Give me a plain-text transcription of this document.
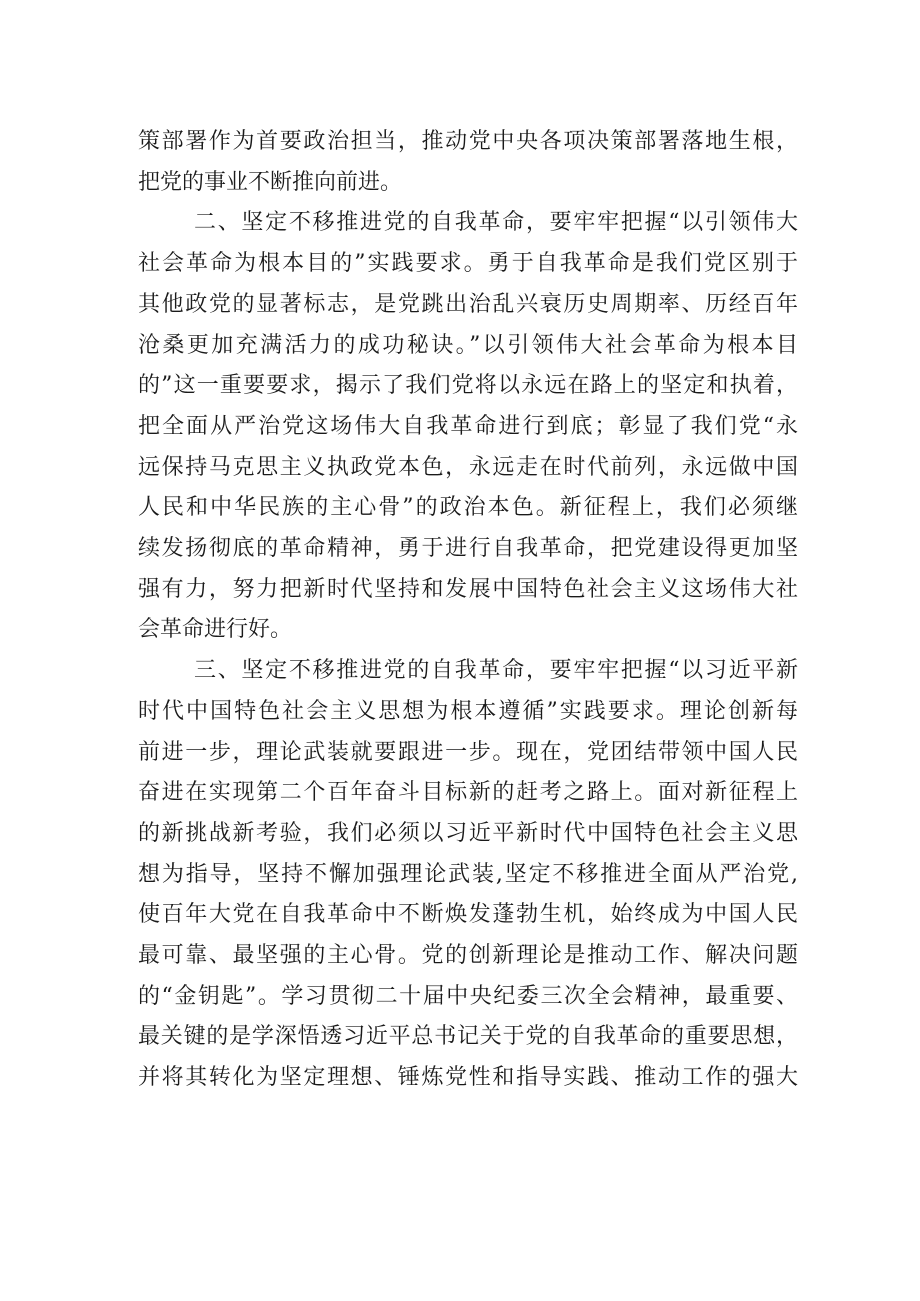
策部署作为首要政治担当，推动党中央各项决策部署落地生根，
把党的事业不断推向前进。

二、坚定不移推进党的自我革命，要牢牢把握“以引领伟大
社会革命为根本目的”实践要求。勇于自我革命是我们党区别于
其他政党的显著标志，是党跳出治乱兴衰历史周期率、历经百年
沧桑更加充满活力的成功秘诀。”以引领伟大社会革命为根本目
的”这一重要要求，揭示了我们党将以永远在路上的坚定和执着，
把全面从严治党这场伟大自我革命进行到底；彰显了我们党“永
远保持马克思主义执政党本色，永远走在时代前列，永远做中国
人民和中华民族的主心骨”的政治本色。新征程上，我们必须继
续发扬彻底的革命精神，勇于进行自我革命，把党建设得更加坚
强有力，努力把新时代坚持和发展中国特色社会主义这场伟大社
会革命进行好。

三、坚定不移推进党的自我革命，要牢牢把握“以习近平新
时代中国特色社会主义思想为根本遵循”实践要求。理论创新每
前进一步，理论武装就要跟进一步。现在，党团结带领中国人民
奋进在实现第二个百年奋斗目标新的赶考之路上。面对新征程上
的新挑战新考验，我们必须以习近平新时代中国特色社会主义思
想为指导，坚持不懈加强理论武装,坚定不移推进全面从严治党,
使百年大党在自我革命中不断焕发蓬勃生机，始终成为中国人民
最可靠、最坚强的主心骨。党的创新理论是推动工作、解决问题
的“金钥匙”。学习贯彻二十届中央纪委三次全会精神，最重要、
最关键的是学深悟透习近平总书记关于党的自我革命的重要思想，
并将其转化为坚定理想、锤炼党性和指导实践、推动工作的强大
